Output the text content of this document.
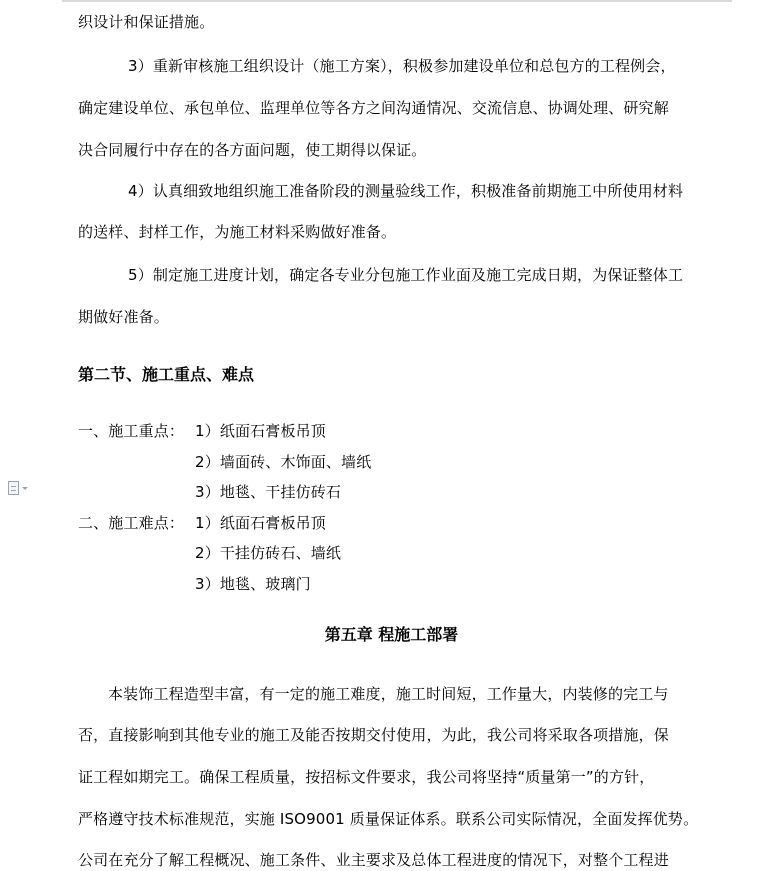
织设计和保证措施。
3）重新审核施工组织设计（施工方案），积极参加建设单位和总包方的工程例会，
确定建设单位、承包单位、监理单位等各方之间沟通情况、交流信息、协调处理、研究解
决合同履行中存在的各方面问题，使工期得以保证。
4）认真细致地组织施工准备阶段的测量验线工作，积极准备前期施工中所使用材料
的送样、封样工作，为施工材料采购做好准备。
5）制定施工进度计划，确定各专业分包施工作业面及施工完成日期，为保证整体工
期做好准备。
第二节、施工重点、难点
一、施工重点： 1）纸面石膏板吊顶
2）墙面砖、木饰面、墙纸
3）地毯、干挂仿砖石
二、施工难点： 1）纸面石膏板吊顶
2）干挂仿砖石、墙纸
3）地毯、玻璃门
第五章 程施工部署
本装饰工程造型丰富，有一定的施工难度，施工时间短，工作量大，内装修的完工与
否，直接影响到其他专业的施工及能否按期交付使用，为此，我公司将采取各项措施，保
证工程如期完工。确保工程质量，按招标文件要求，我公司将坚持“质量第一”的方针，
严格遵守技术标准规范，实施 ISO9001 质量保证体系。联系公司实际情况，全面发挥优势。
公司在充分了解工程概况、施工条件、业主要求及总体工程进度的情况下，对整个工程进
